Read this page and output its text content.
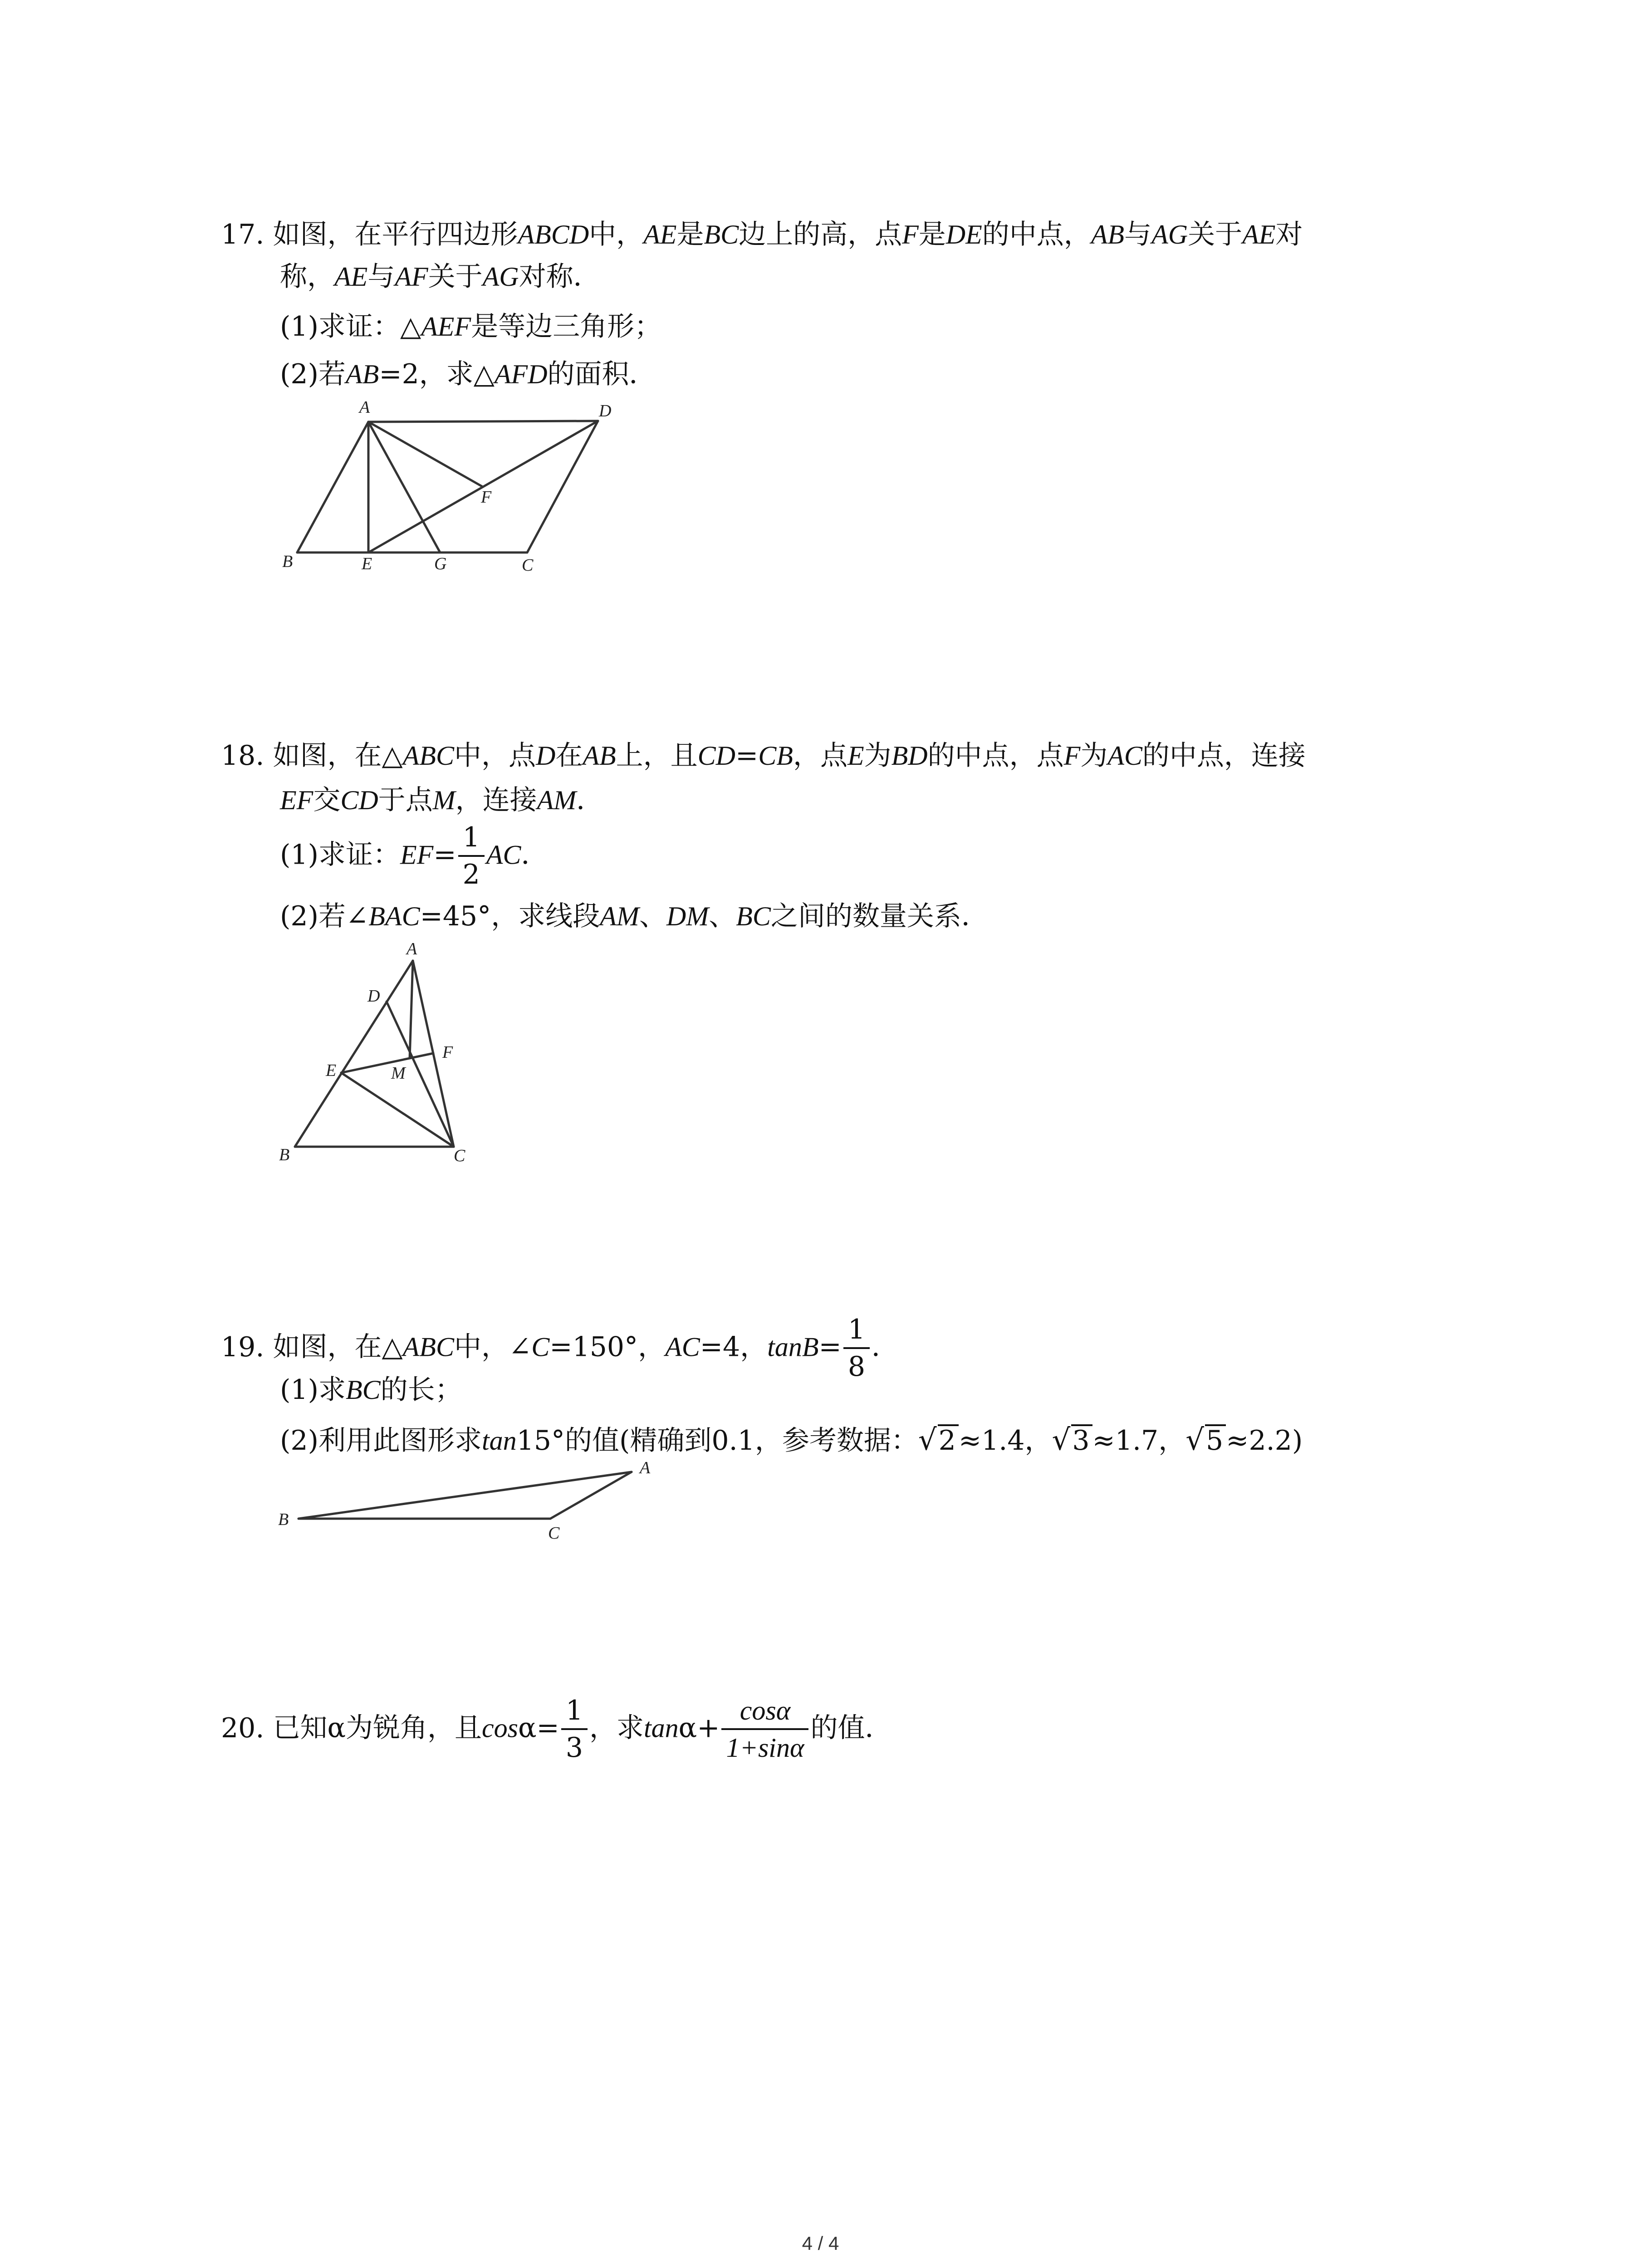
17. 如图，在平行四边形ABCD中，AE是BC边上的高，点F是DE的中点，AB与AG关于AE对
称，AE与AF关于AG对称．
(1)求证：△AEF是等边三角形；
(2)若AB=2，求△AFD的面积．
A	D
F
B	E	G	C
18. 如图，在△ABC中，点D在AB上，且CD=CB，点E为BD的中点，点F为AC的中点，连接
EF交CD于点M，连接AM．
(1)求证：$EF= \frac{1}{2}$ AC．
(2)若∠BAC=45°，求线段AM、DM、BC之间的数量关系．
A
D
E	M
F
B	C
19. 如图，在△ABC中，∠C=150°，AC=4，$\tan B= \frac{1}{8}$ ．
(1)求BC的长；
(2)利用此图形求tan15°的值(精确到0.1，参考数据：√2 ≈1.4，√3 ≈1.7，√5 ≈2.2)
A
B
C
20. 已知α为锐角，且$\cos\alpha= \frac{1}{3}$ ，求$\tan\alpha+ \frac{\cos\alpha}{1+\sin\alpha}$ 的值．
4 / 4
